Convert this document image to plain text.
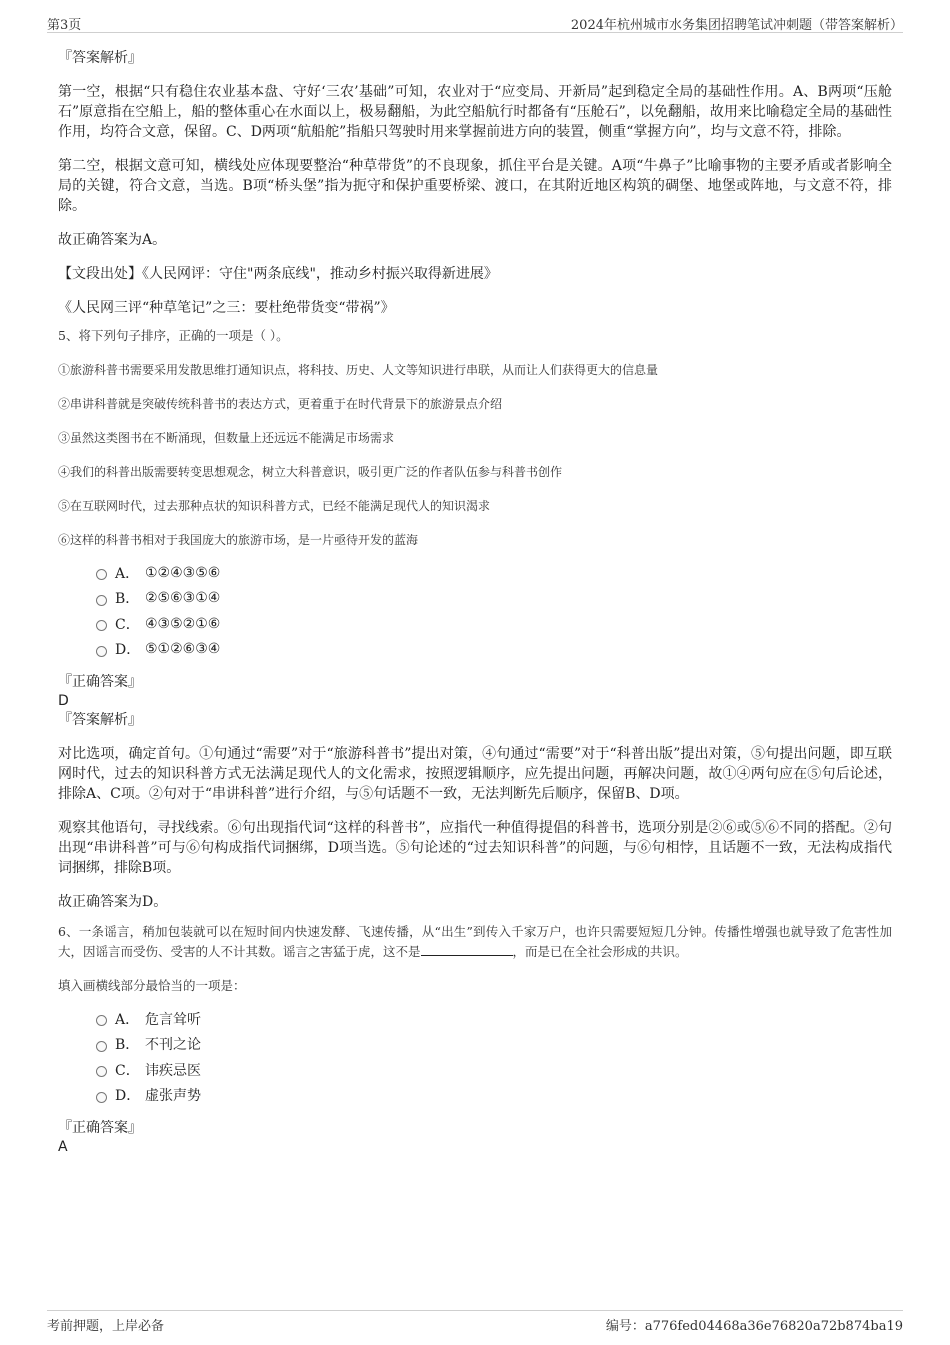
第3页	2024年杭州城市水务集团招聘笔试冲刺题（带答案解析）

『答案解析』

第一空，根据“只有稳住农业基本盘、守好‘三农’基础”可知，农业对于“应变局、开新局”起到稳定全局的基础性作用。A、B两项“压舱石”原意指在空船上，船的整体重心在水面以上，极易翻船，为此空船航行时都备有“压舱石”，以免翻船，故用来比喻稳定全局的基础性作用，均符合文意，保留。C、D两项“航船舵”指船只驾驶时用来掌握前进方向的装置，侧重“掌握方向”，均与文意不符，排除。

第二空，根据文意可知，横线处应体现要整治“种草带货”的不良现象，抓住平台是关键。A项“牛鼻子”比喻事物的主要矛盾或者影响全局的关键，符合文意，当选。B项“桥头堡”指为扼守和保护重要桥梁、渡口，在其附近地区构筑的碉堡、地堡或阵地，与文意不符，排除。

故正确答案为A。

【文段出处】《人民网评：守住"两条底线"，推动乡村振兴取得新进展》

《人民网三评“种草笔记”之三：要杜绝带货变“带祸”》

5、将下列句子排序，正确的一项是（ ）。

①旅游科普书需要采用发散思维打通知识点，将科技、历史、人文等知识进行串联，从而让人们获得更大的信息量

②串讲科普就是突破传统科普书的表达方式，更着重于在时代背景下的旅游景点介绍

③虽然这类图书在不断涌现，但数量上还远远不能满足市场需求

④我们的科普出版需要转变思想观念，树立大科普意识，吸引更广泛的作者队伍参与科普书创作

⑤在互联网时代，过去那种点状的知识科普方式，已经不能满足现代人的知识渴求

⑥这样的科普书相对于我国庞大的旅游市场，是一片亟待开发的蓝海

A． ①②④③⑤⑥
B． ②⑤⑥③①④
C． ④③⑤②①⑥
D． ⑤①②⑥③④

『正确答案』

D

『答案解析』

对比选项，确定首句。①句通过“需要”对于“旅游科普书”提出对策，④句通过“需要”对于“科普出版”提出对策，⑤句提出问题，即互联网时代，过去的知识科普方式无法满足现代人的文化需求，按照逻辑顺序，应先提出问题，再解决问题，故①④两句应在⑤句后论述，排除A、C项。②句对于“串讲科普”进行介绍，与⑤句话题不一致，无法判断先后顺序，保留B、D项。

观察其他语句，寻找线索。⑥句出现指代词“这样的科普书”，应指代一种值得提倡的科普书，选项分别是②⑥或⑤⑥不同的搭配。②句出现“串讲科普”可与⑥句构成指代词捆绑，D项当选。⑤句论述的“过去知识科普”的问题，与⑥句相悖，且话题不一致，无法构成指代词捆绑，排除B项。

故正确答案为D。

6、一条谣言，稍加包装就可以在短时间内快速发酵、飞速传播，从“出生”到传入千家万户，也许只需要短短几分钟。传播性增强也就导致了危害性加大，因谣言而受伤、受害的人不计其数。谣言之害猛于虎，这不是	，而是已在全社会形成的共识。

填入画横线部分最恰当的一项是：

A． 危言耸听
B． 不刊之论
C． 讳疾忌医
D． 虚张声势

『正确答案』

A

考前押题，上岸必备	编号：a776fed04468a36e76820a72b874ba19
